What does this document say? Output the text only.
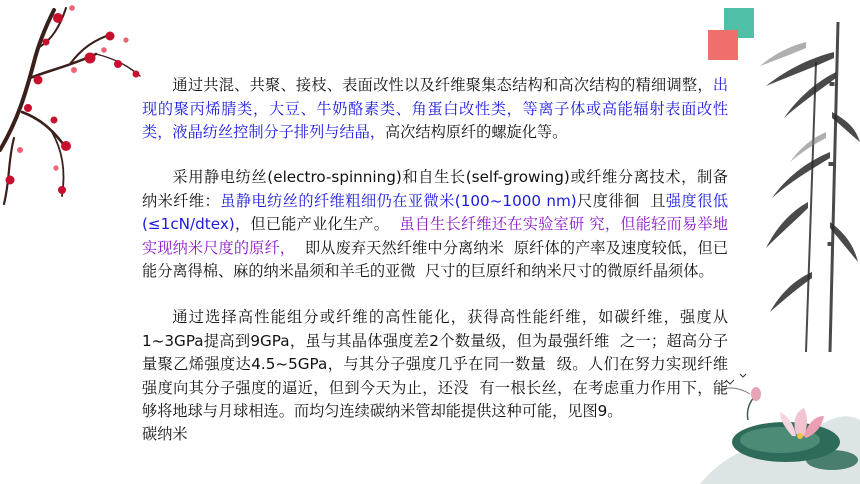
通过共混、共聚、接枝、表面改性以及纤维聚集态结构和高次结构的精细调整，出现的聚丙烯腈类，大豆、牛奶酪素类、角蛋白改性类，等离子体或高能辐射表面改性类，液晶纺丝控制分子排列与结晶，高次结构原纤的螺旋化等。

采用静电纺丝(electro-spinning)和自生长(self-growing)或纤维分离技术，制备纳米纤维：虽静电纺丝的纤维粗细仍在亚微米(100~1000 nm)尺度徘徊 且强度很低(≤1cN/dtex)，但已能产业化生产。 虽自生长纤维还在实验室研 究，但能轻而易举地实现纳米尺度的原纤， 即从废弃天然纤维中分离纳米 原纤体的产率及速度较低，但已能分离得棉、麻的纳米晶须和羊毛的亚微 尺寸的巨原纤和纳米尺寸的微原纤晶须体。

通过选择高性能组分或纤维的高性能化，获得高性能纤维，如碳纤维，强度从1~3GPa提高到9GPa，虽与其晶体强度差2个数量级，但为最强纤维 之一；超高分子量聚乙烯强度达4.5~5GPa，与其分子强度几乎在同一数量 级。人们在努力实现纤维强度向其分子强度的逼近，但到今天为止，还没 有一根长丝，在考虑重力作用下，能够将地球与月球相连。而均匀连续碳纳米管却能提供这种可能，见图9。

碳纳米
